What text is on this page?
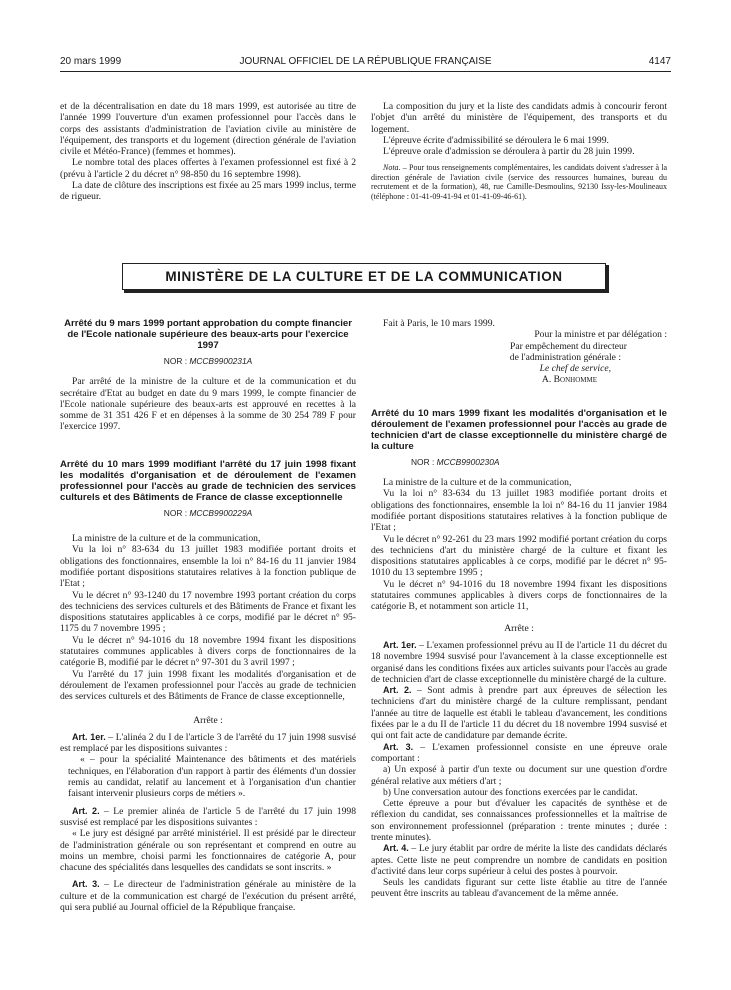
20 mars 1999	JOURNAL OFFICIEL DE LA RÉPUBLIQUE FRANÇAISE	4147

et de la décentralisation en date du 18 mars 1999, est autorisée au titre de l'année 1999 l'ouverture d'un examen professionnel pour l'accès dans le corps des assistants d'administration de l'aviation civile au ministère de l'équipement, des transports et du logement (direction générale de l'aviation civile et Météo-France) (femmes et hommes).

Le nombre total des places offertes à l'examen professionnel est fixé à 2 (prévu à l'article 2 du décret n° 98-850 du 16 septembre 1998).

La date de clôture des inscriptions est fixée au 25 mars 1999 inclus, terme de rigueur.

La composition du jury et la liste des candidats admis à concourir feront l'objet d'un arrêté du ministère de l'équipement, des transports et du logement.

L'épreuve écrite d'admissibilité se déroulera le 6 mai 1999.

L'épreuve orale d'admission se déroulera à partir du 28 juin 1999.

Nota. – Pour tous renseignements complémentaires, les candidats doivent s'adresser à la direction générale de l'aviation civile (service des ressources humaines, bureau du recrutement et de la formation), 48, rue Camille-Desmoulins, 92130 Issy-les-Moulineaux (téléphone : 01-41-09-41-94 et 01-41-09-46-61).

MINISTÈRE DE LA CULTURE ET DE LA COMMUNICATION

Arrêté du 9 mars 1999 portant approbation du compte financier de l'Ecole nationale supérieure des beaux-arts pour l'exercice 1997

NOR : MCCB9900231A

Par arrêté de la ministre de la culture et de la communication et du secrétaire d'Etat au budget en date du 9 mars 1999, le compte financier de l'Ecole nationale supérieure des beaux-arts est approuvé en recettes à la somme de 31 351 426 F et en dépenses à la somme de 30 254 789 F pour l'exercice 1997.

Arrêté du 10 mars 1999 modifiant l'arrêté du 17 juin 1998 fixant les modalités d'organisation et de déroulement de l'examen professionnel pour l'accès au grade de technicien des services culturels et des Bâtiments de France de classe exceptionnelle

NOR : MCCB9900229A

La ministre de la culture et de la communication,

Vu la loi n° 83-634 du 13 juillet 1983 modifiée portant droits et obligations des fonctionnaires, ensemble la loi n° 84-16 du 11 janvier 1984 modifiée portant dispositions statutaires relatives à la fonction publique de l'Etat ;

Vu le décret n° 93-1240 du 17 novembre 1993 portant création du corps des techniciens des services culturels et des Bâtiments de France et fixant les dispositions statutaires applicables à ce corps, modifié par le décret n° 95-1175 du 7 novembre 1995 ;

Vu le décret n° 94-1016 du 18 novembre 1994 fixant les dispositions statutaires communes applicables à divers corps de fonctionnaires de la catégorie B, modifié par le décret n° 97-301 du 3 avril 1997 ;

Vu l'arrêté du 17 juin 1998 fixant les modalités d'organisation et de déroulement de l'examen professionnel pour l'accès au grade de technicien des services culturels et des Bâtiments de France de classe exceptionnelle,

Arrête :

Art. 1er. – L'alinéa 2 du I de l'article 3 de l'arrêté du 17 juin 1998 susvisé est remplacé par les dispositions suivantes :

« – pour la spécialité Maintenance des bâtiments et des matériels techniques, en l'élaboration d'un rapport à partir des éléments d'un dossier remis au candidat, relatif au lancement et à l'organisation d'un chantier faisant intervenir plusieurs corps de métiers ».

Art. 2. – Le premier alinéa de l'article 5 de l'arrêté du 17 juin 1998 susvisé est remplacé par les dispositions suivantes :

« Le jury est désigné par arrêté ministériel. Il est présidé par le directeur de l'administration générale ou son représentant et comprend en outre au moins un membre, choisi parmi les fonctionnaires de catégorie A, pour chacune des spécialités dans lesquelles des candidats se sont inscrits. »

Art. 3. – Le directeur de l'administration générale au ministère de la culture et de la communication est chargé de l'exécution du présent arrêté, qui sera publié au Journal officiel de la République française.

Fait à Paris, le 10 mars 1999.

Pour la ministre et par délégation :

Par empêchement du directeur

de l'administration générale :

Le chef de service,

A. Bonhomme

Arrêté du 10 mars 1999 fixant les modalités d'organisation et le déroulement de l'examen professionnel pour l'accès au grade de technicien d'art de classe exceptionnelle du ministère chargé de la culture

NOR : MCCB9900230A

La ministre de la culture et de la communication,

Vu la loi n° 83-634 du 13 juillet 1983 modifiée portant droits et obligations des fonctionnaires, ensemble la loi n° 84-16 du 11 janvier 1984 modifiée portant dispositions statutaires relatives à la fonction publique de l'Etat ;

Vu le décret n° 92-261 du 23 mars 1992 modifié portant création du corps des techniciens d'art du ministère chargé de la culture et fixant les dispositions statutaires applicables à ce corps, modifié par le décret n° 95-1010 du 13 septembre 1995 ;

Vu le décret n° 94-1016 du 18 novembre 1994 fixant les dispositions statutaires communes applicables à divers corps de fonctionnaires de la catégorie B, et notamment son article 11,

Arrête :

Art. 1er. – L'examen professionnel prévu au II de l'article 11 du décret du 18 novembre 1994 susvisé pour l'avancement à la classe exceptionnelle est organisé dans les conditions fixées aux articles suivants pour l'accès au grade de technicien d'art de classe exceptionnelle du ministère chargé de la culture.

Art. 2. – Sont admis à prendre part aux épreuves de sélection les techniciens d'art du ministère chargé de la culture remplissant, pendant l'année au titre de laquelle est établi le tableau d'avancement, les conditions fixées par le a du II de l'article 11 du décret du 18 novembre 1994 susvisé et qui ont fait acte de candidature par demande écrite.

Art. 3. – L'examen professionnel consiste en une épreuve orale comportant :

a) Un exposé à partir d'un texte ou document sur une question d'ordre général relative aux métiers d'art ;

b) Une conversation autour des fonctions exercées par le candidat.

Cette épreuve a pour but d'évaluer les capacités de synthèse et de réflexion du candidat, ses connaissances professionnelles et la maîtrise de son environnement professionnel (préparation : trente minutes ; durée : trente minutes).

Art. 4. – Le jury établit par ordre de mérite la liste des candidats déclarés aptes. Cette liste ne peut comprendre un nombre de candidats en position d'activité dans leur corps supérieur à celui des postes à pourvoir.

Seuls les candidats figurant sur cette liste établie au titre de l'année peuvent être inscrits au tableau d'avancement de la même année.
